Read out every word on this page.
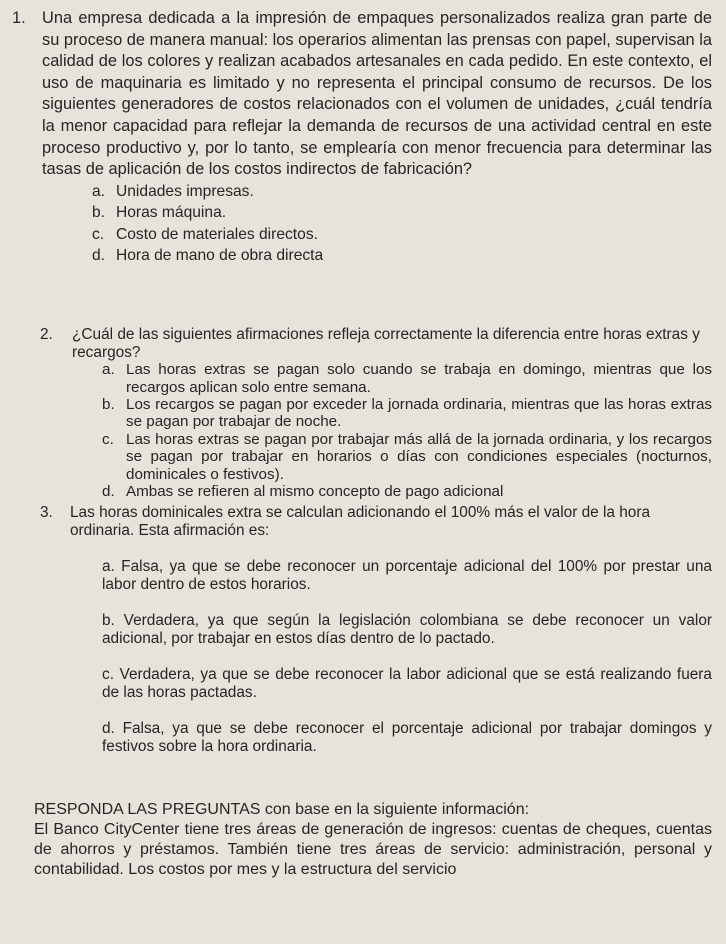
1. Una empresa dedicada a la impresión de empaques personalizados realiza gran parte de su proceso de manera manual: los operarios alimentan las prensas con papel, supervisan la calidad de los colores y realizan acabados artesanales en cada pedido. En este contexto, el uso de maquinaria es limitado y no representa el principal consumo de recursos. De los siguientes generadores de costos relacionados con el volumen de unidades, ¿cuál tendría la menor capacidad para reflejar la demanda de recursos de una actividad central en este proceso productivo y, por lo tanto, se emplearía con menor frecuencia para determinar las tasas de aplicación de los costos indirectos de fabricación?
a. Unidades impresas.
b. Horas máquina.
c. Costo de materiales directos.
d. Hora de mano de obra directa
2. ¿Cuál de las siguientes afirmaciones refleja correctamente la diferencia entre horas extras y recargos?
a. Las horas extras se pagan solo cuando se trabaja en domingo, mientras que los recargos aplican solo entre semana.
b. Los recargos se pagan por exceder la jornada ordinaria, mientras que las horas extras se pagan por trabajar de noche.
c. Las horas extras se pagan por trabajar más allá de la jornada ordinaria, y los recargos se pagan por trabajar en horarios o días con condiciones especiales (nocturnos, dominicales o festivos).
d. Ambas se refieren al mismo concepto de pago adicional
3. Las horas dominicales extra se calculan adicionando el 100% más el valor de la hora ordinaria. Esta afirmación es:
a. Falsa, ya que se debe reconocer un porcentaje adicional del 100% por prestar una labor dentro de estos horarios.
b. Verdadera, ya que según la legislación colombiana se debe reconocer un valor adicional, por trabajar en estos días dentro de lo pactado.
c. Verdadera, ya que se debe reconocer la labor adicional que se está realizando fuera de las horas pactadas.
d. Falsa, ya que se debe reconocer el porcentaje adicional por trabajar domingos y festivos sobre la hora ordinaria.
RESPONDA LAS PREGUNTAS con base en la siguiente información:
El Banco CityCenter tiene tres áreas de generación de ingresos: cuentas de cheques, cuentas de ahorros y préstamos. También tiene tres áreas de servicio: administración, personal y contabilidad. Los costos por mes y la estructura del servicio
